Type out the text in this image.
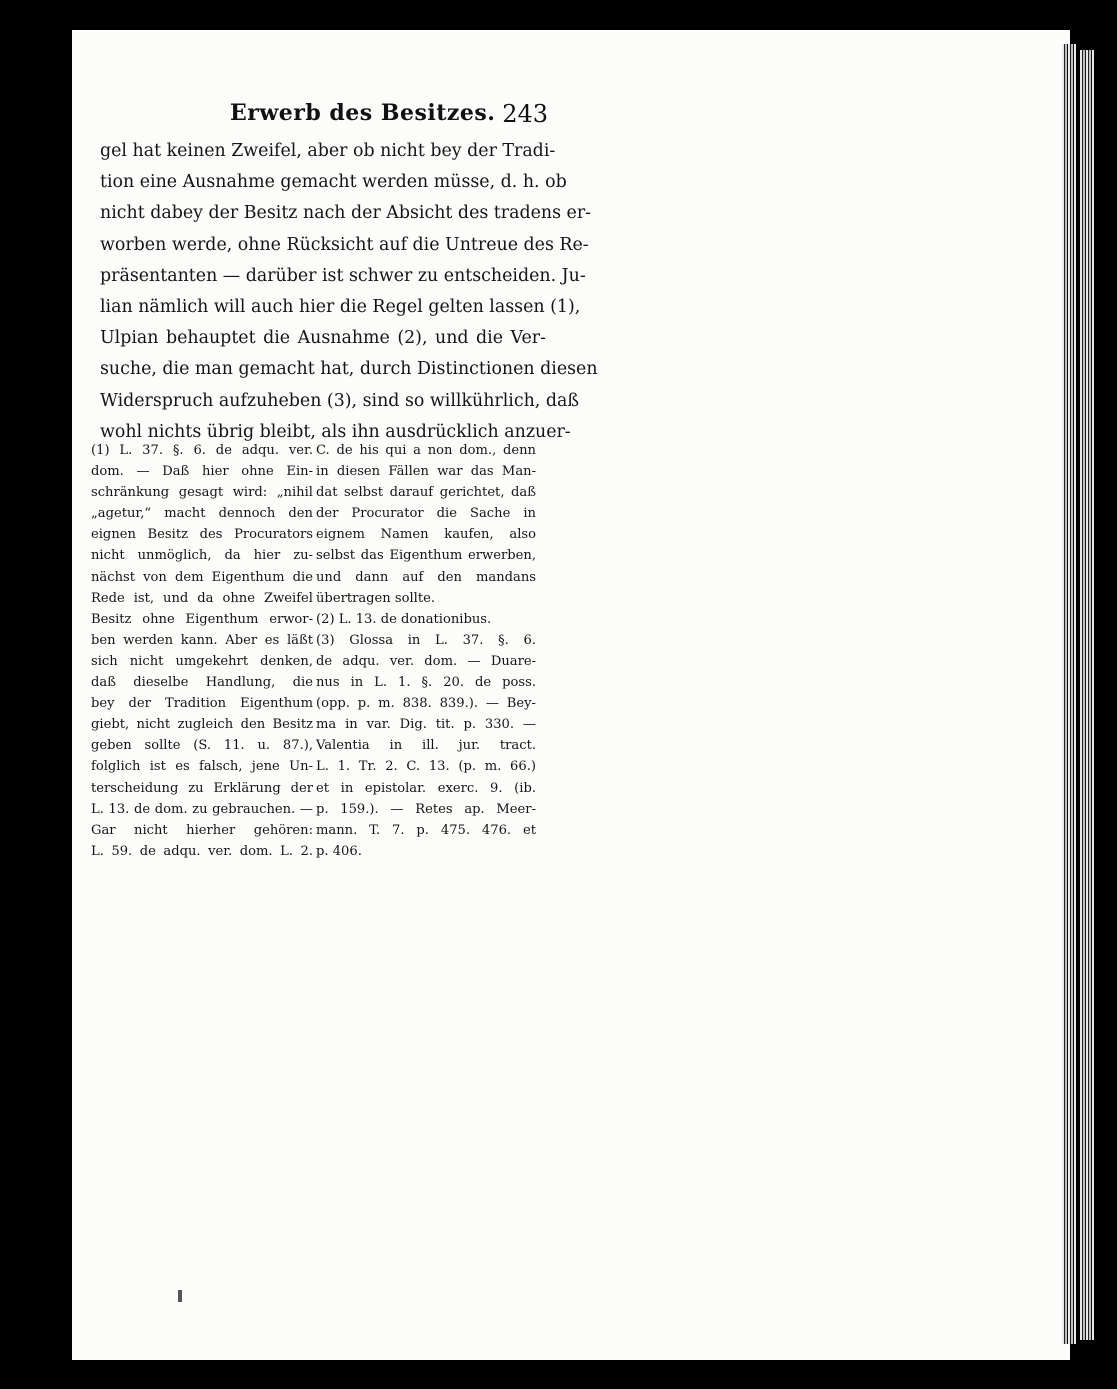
Erwerb des Besitzes. 243
gel hat keinen Zweifel, aber ob nicht bey der Tradi-
tion eine Ausnahme gemacht werden müsse, d. h. ob
nicht dabey der Besitz nach der Absicht des tradens er-
worben werde, ohne Rücksicht auf die Untreue des Re-
präsentanten — darüber ist schwer zu entscheiden. Ju-
lian nämlich will auch hier die Regel gelten lassen (1),
Ulpian behauptet die Ausnahme (2), und die Ver-
suche, die man gemacht hat, durch Distinctionen diesen
Widerspruch aufzuheben (3), sind so willkührlich, daß
wohl nichts übrig bleibt, als ihn ausdrücklich anzuer-
(1) L. 37. §. 6. de adqu. ver.
dom. — Daß hier ohne Ein-
schränkung gesagt wird: „nihil
„agetur,“ macht dennoch den
eignen Besitz des Procurators
nicht unmöglich, da hier zu-
nächst von dem Eigenthum die
Rede ist, und da ohne Zweifel
Besitz ohne Eigenthum erwor-
ben werden kann. Aber es läßt
sich nicht umgekehrt denken,
daß dieselbe Handlung, die
bey der Tradition Eigenthum
giebt, nicht zugleich den Besitz
geben sollte (S. 11. u. 87.),
folglich ist es falsch, jene Un-
terscheidung zu Erklärung der
L. 13. de dom. zu gebrauchen. —
Gar nicht hierher gehören:
L. 59. de adqu. ver. dom. L. 2.
C. de his qui a non dom., denn
in diesen Fällen war das Man-
dat selbst darauf gerichtet, daß
der Procurator die Sache in
eignem Namen kaufen, also
selbst das Eigenthum erwerben,
und dann auf den mandans
übertragen sollte.
(2) L. 13. de donationibus.
(3) Glossa in L. 37. §. 6.
de adqu. ver. dom. — Duare-
nus in L. 1. §. 20. de poss.
(opp. p. m. 838. 839.). — Bey-
ma in var. Dig. tit. p. 330. —
Valentia in ill. jur. tract.
L. 1. Tr. 2. C. 13. (p. m. 66.)
et in epistolar. exerc. 9. (ib.
p. 159.). — Retes ap. Meer-
mann. T. 7. p. 475. 476. et
p. 406.
